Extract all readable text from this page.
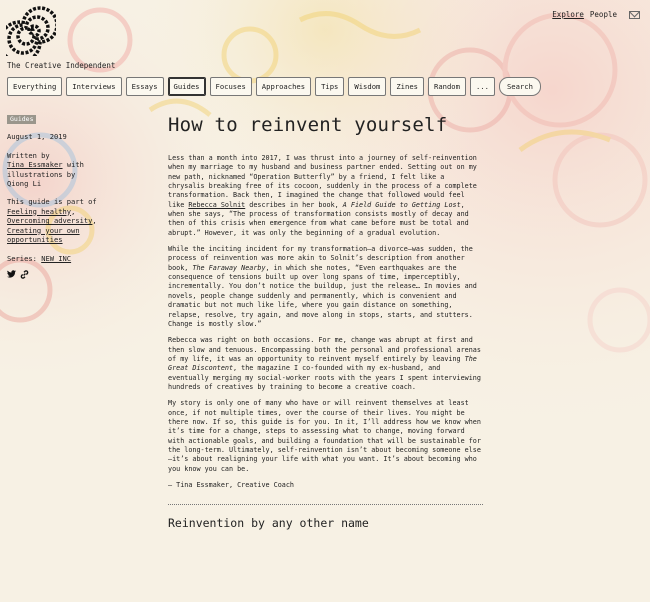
The Creative Independent
Explore People
Everything	Interviews	Essays	Guides	Focuses	Approaches	Tips	Wisdom	Zines	Random	...	Search
Guides

August 1, 2019

Written by
Tina Essmaker with
illustrations by
Qiong Li

This guide is part of
Feeling healthy, Overcoming adversity, Creating your own opportunities

Series: NEW INC

How to reinvent yourself

Less than a month into 2017, I was thrust into a journey of self-reinvention when my marriage to my husband and business partner ended. Setting out on my new path, nicknamed “Operation Butterfly” by a friend, I felt like a chrysalis breaking free of its cocoon, suddenly in the process of a complete transformation. Back then, I imagined the change that followed would feel like Rebecca Solnit describes in her book, A Field Guide to Getting Lost, when she says, “The process of transformation consists mostly of decay and then of this crisis when emergence from what came before must be total and abrupt.” However, it was only the beginning of a gradual evolution.

While the inciting incident for my transformation—a divorce—was sudden, the process of reinvention was more akin to Solnit’s description from another book, The Faraway Nearby, in which she notes, “Even earthquakes are the consequence of tensions built up over long spans of time, imperceptibly, incrementally. You don’t notice the buildup, just the release… In movies and novels, people change suddenly and permanently, which is convenient and dramatic but not much like life, where you gain distance on something, relapse, resolve, try again, and move along in stops, starts, and stutters. Change is mostly slow.”

Rebecca was right on both occasions. For me, change was abrupt at first and then slow and tenuous. Encompassing both the personal and professional arenas of my life, it was an opportunity to reinvent myself entirely by leaving The Great Discontent, the magazine I co-founded with my ex-husband, and eventually merging my social-worker roots with the years I spent interviewing hundreds of creatives by training to become a creative coach.

My story is only one of many who have or will reinvent themselves at least once, if not multiple times, over the course of their lives. You might be there now. If so, this guide is for you. In it, I’ll address how we know when it’s time for a change, steps to assessing what to change, moving forward with actionable goals, and building a foundation that will be sustainable for the long-term. Ultimately, self-reinvention isn’t about becoming someone else—it’s about realigning your life with what you want. It’s about becoming who you know you can be.

— Tina Essmaker, Creative Coach

Reinvention by any other name
